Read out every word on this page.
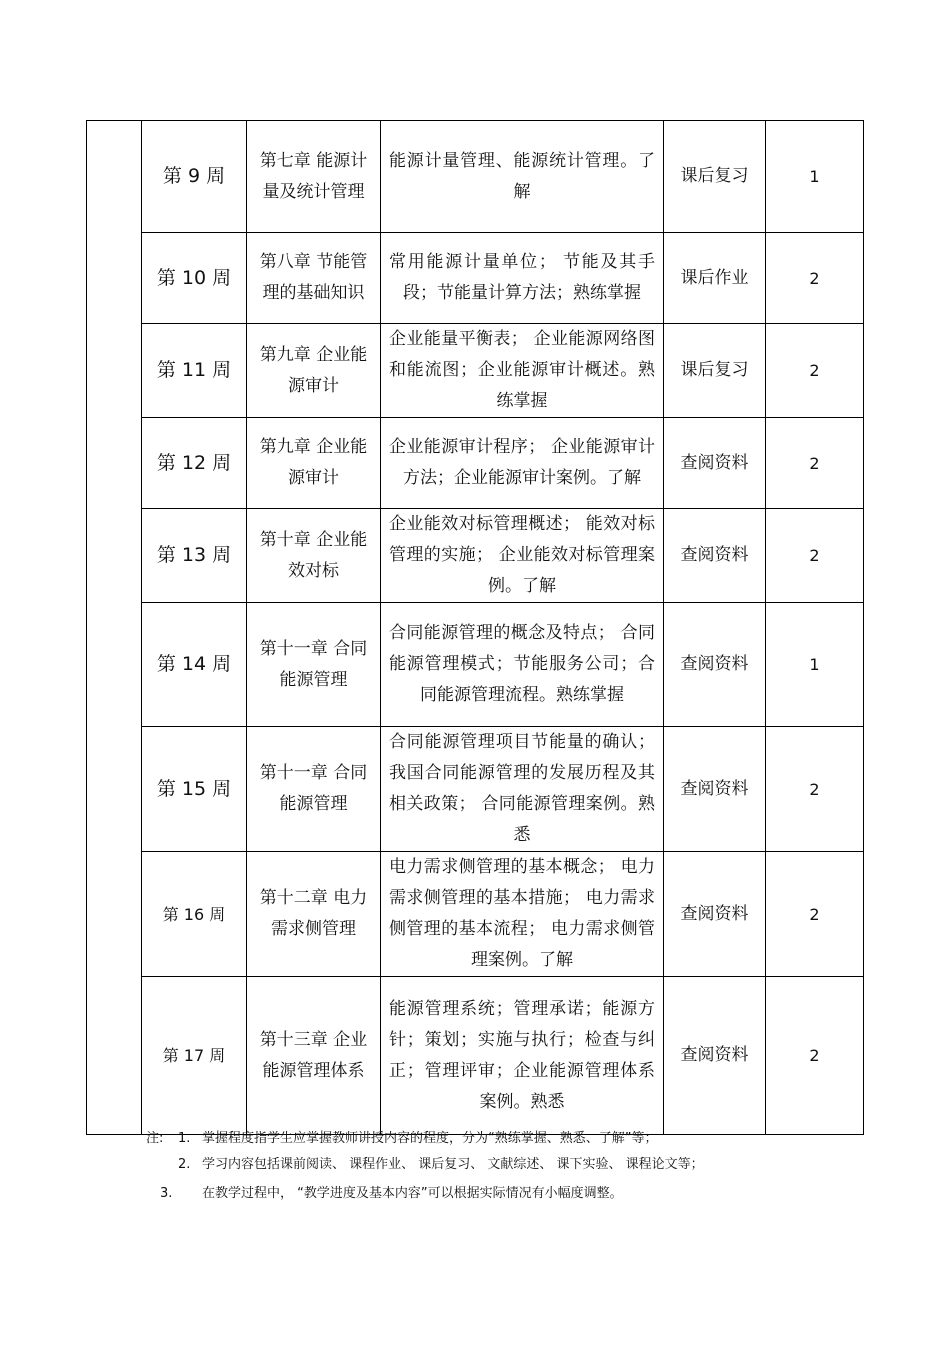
	第 9 周	第七章 能源计量及统计管理	能源计量管理、能源统计管理。了解	课后复习	1
	第 10 周	第八章 节能管理的基础知识	常用能源计量单位； 节能及其手段；节能量计算方法；熟练掌握	课后作业	2
	第 11 周	第九章 企业能源审计	企业能量平衡表； 企业能源网络图和能流图；企业能源审计概述。熟练掌握	课后复习	2
	第 12 周	第九章 企业能源审计	企业能源审计程序； 企业能源审计方法；企业能源审计案例。了解	查阅资料	2
	第 13 周	第十章 企业能效对标	企业能效对标管理概述； 能效对标管理的实施； 企业能效对标管理案例。了解	查阅资料	2
	第 14 周	第十一章 合同能源管理	合同能源管理的概念及特点； 合同能源管理模式；节能服务公司；合同能源管理流程。熟练掌握	查阅资料	1
	第 15 周	第十一章 合同能源管理	合同能源管理项目节能量的确认；我国合同能源管理的发展历程及其相关政策； 合同能源管理案例。熟悉	查阅资料	2
	第 16 周	第十二章 电力需求侧管理	电力需求侧管理的基本概念； 电力需求侧管理的基本措施； 电力需求侧管理的基本流程； 电力需求侧管理案例。了解	查阅资料	2
	第 17 周	第十三章 企业能源管理体系	能源管理系统；管理承诺；能源方针；策划；实施与执行；检查与纠正；管理评审；企业能源管理体系案例。熟悉	查阅资料	2
注: 1. 掌握程度指学生应掌握教师讲授内容的程度，分为“熟练掌握、熟悉、了解”等；
2. 学习内容包括课前阅读、 课程作业、 课后复习、 文献综述、 课下实验、 课程论文等；
3. 在教学过程中， “教学进度及基本内容”可以根据实际情况有小幅度调整。
